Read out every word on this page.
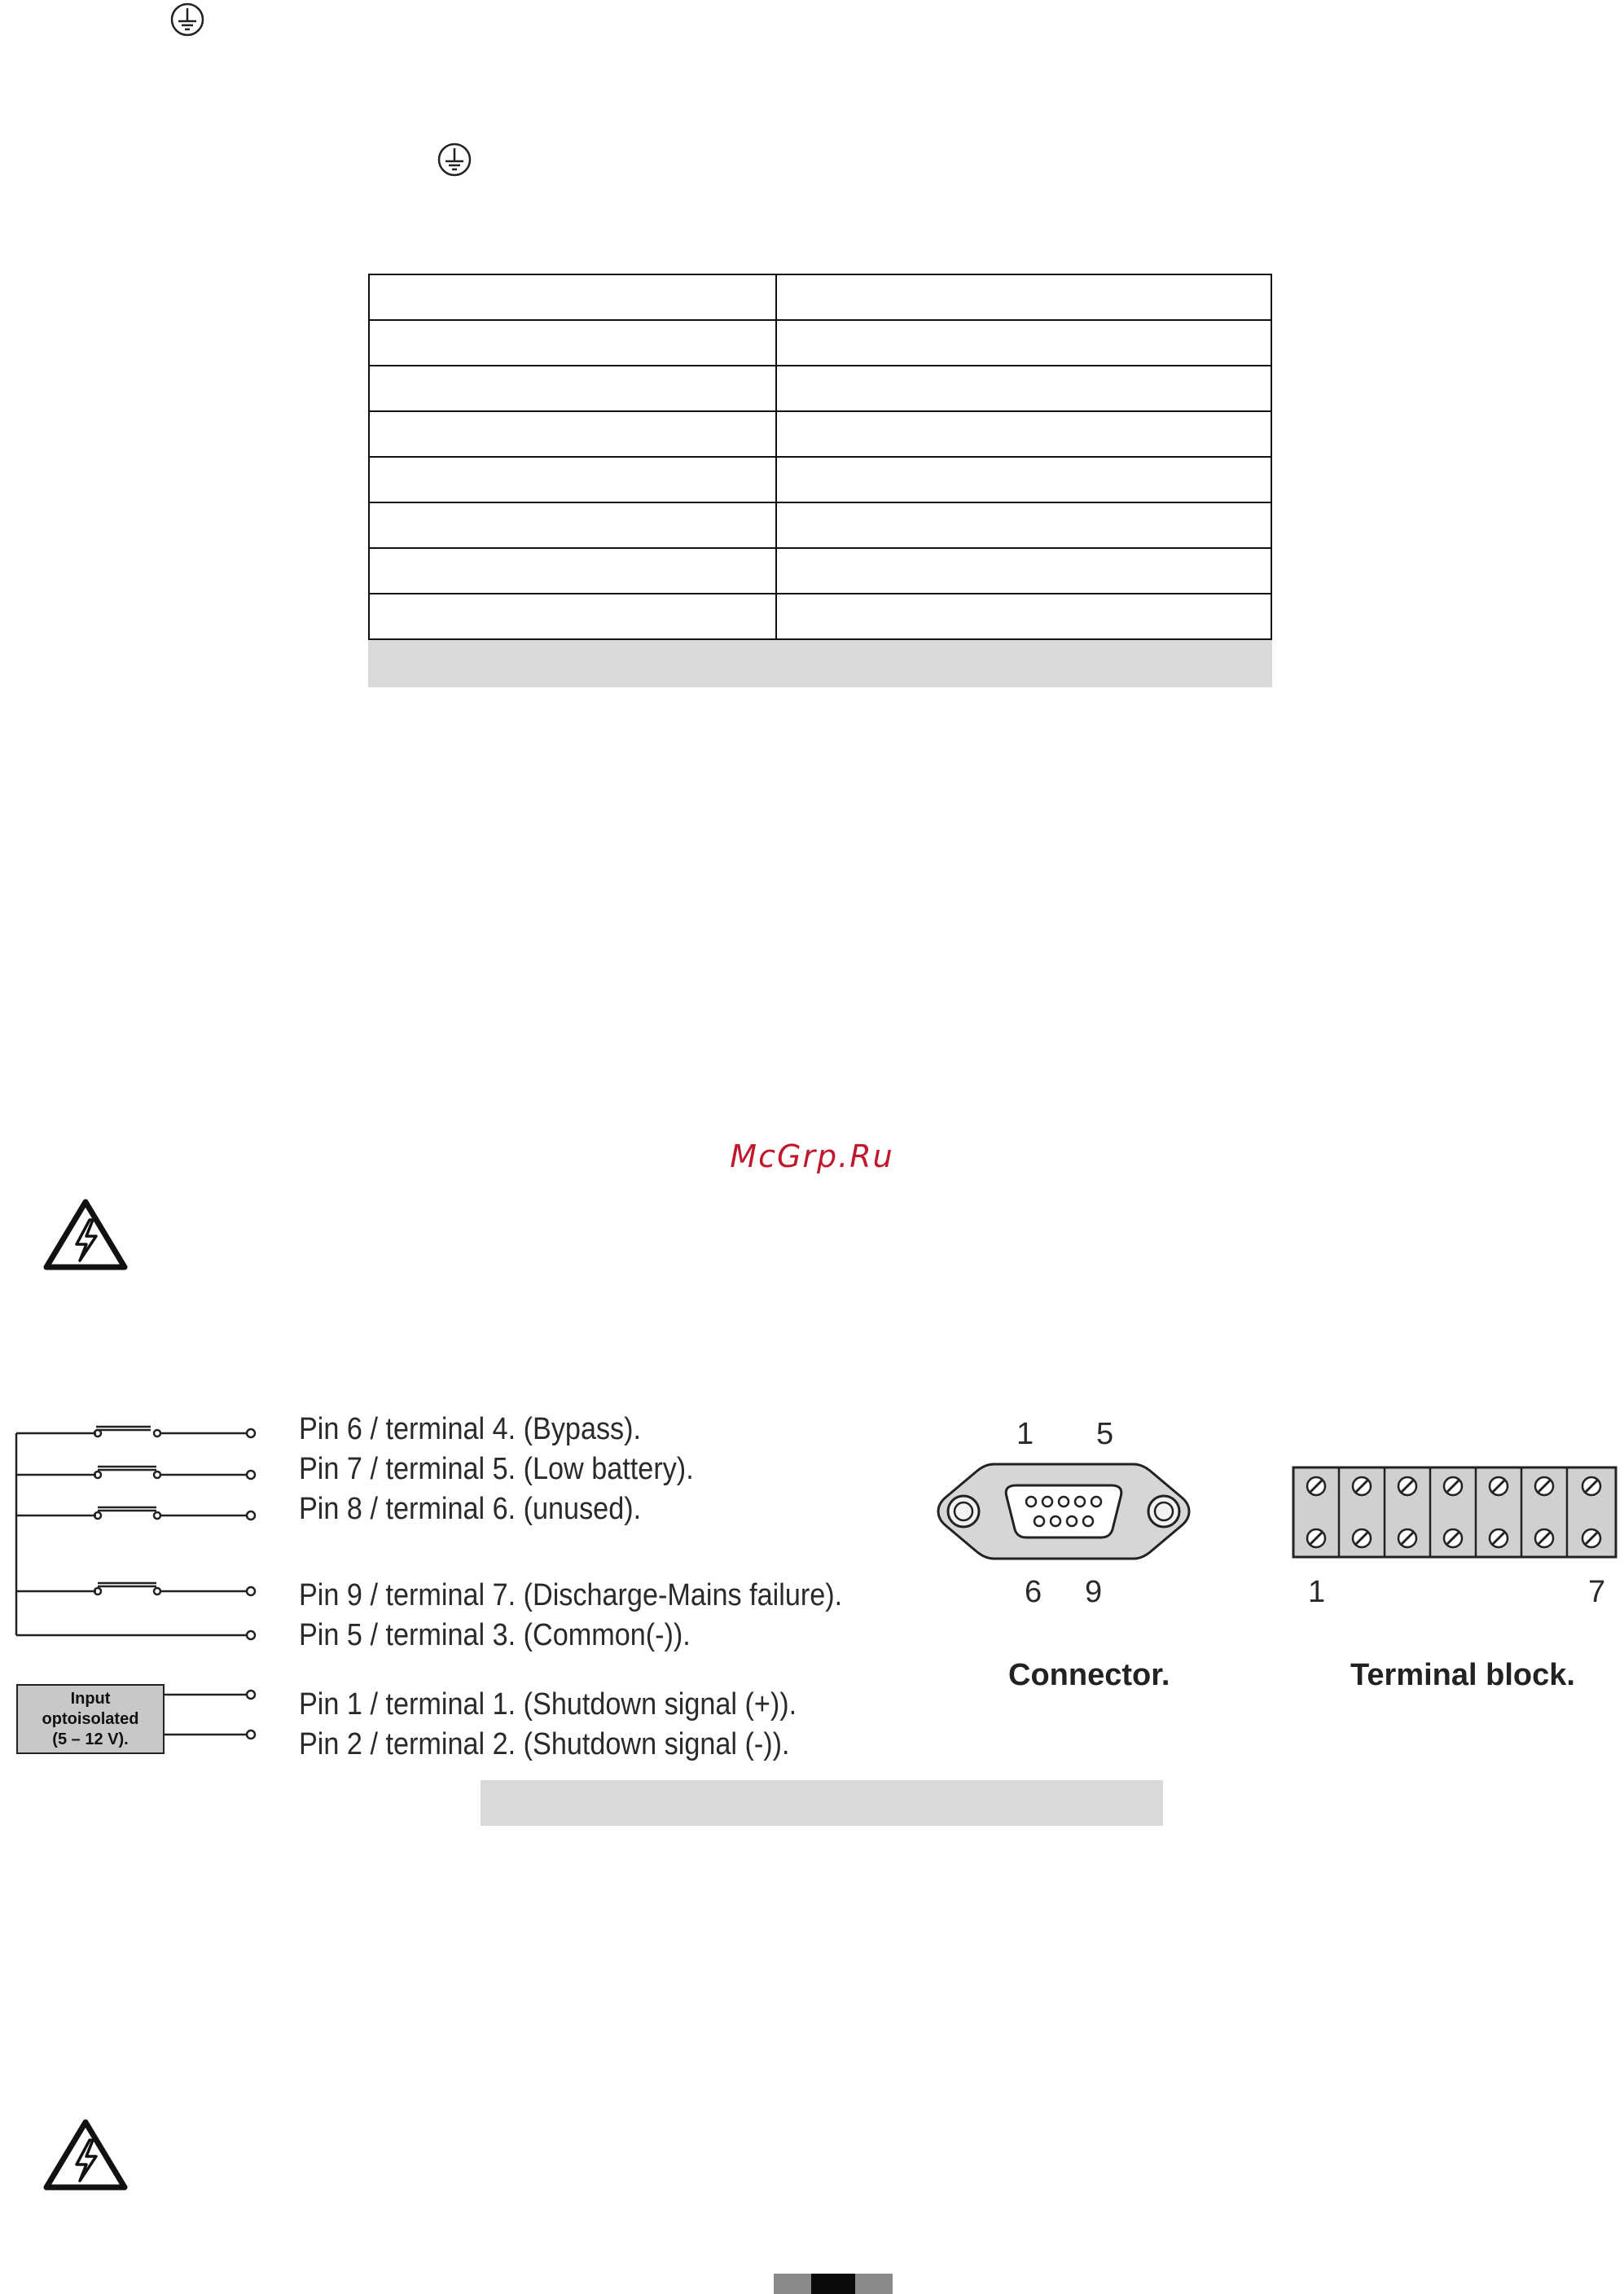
McGrp.Ru
Input
optoisolated
(5 – 12 V).
Pin 6 / terminal 4. (Bypass).
Pin 7 / terminal 5. (Low battery).
Pin 8 / terminal 6. (unused).
Pin 9 / terminal 7. (Discharge-Mains failure).
Pin 5 / terminal 3. (Common(-)).
Pin 1 / terminal 1. (Shutdown signal (+)).
Pin 2 / terminal 2. (Shutdown signal (-)).
1 5
6 9
Connector.
1	7
Terminal block.
